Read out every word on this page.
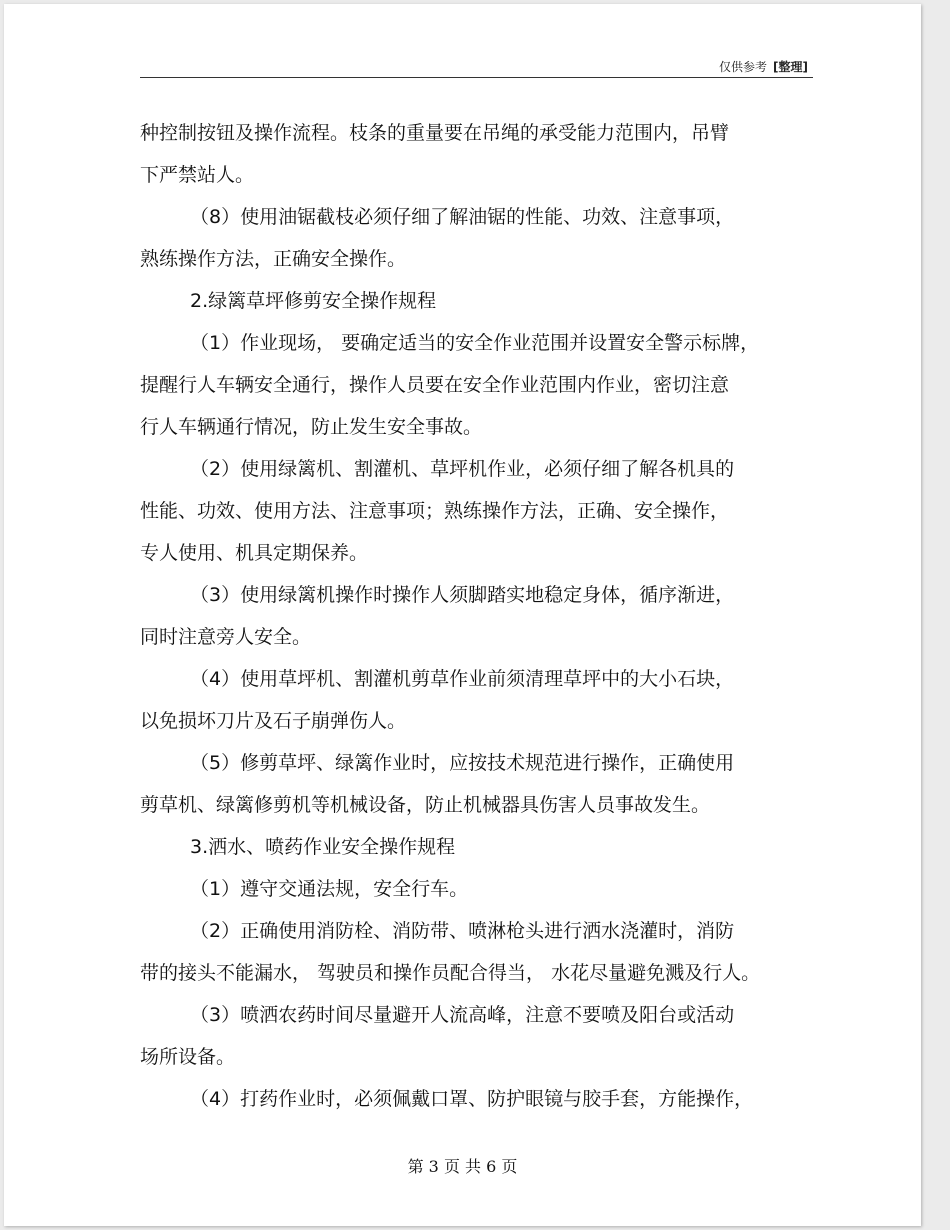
仅供参考 [整理]
种控制按钮及操作流程。枝条的重量要在吊绳的承受能力范围内，吊臂
下严禁站人。
（8）使用油锯截枝必须仔细了解油锯的性能、功效、注意事项，
熟练操作方法，正确安全操作。
2.绿篱草坪修剪安全操作规程
（1）作业现场， 要确定适当的安全作业范围并设置安全警示标牌，
提醒行人车辆安全通行，操作人员要在安全作业范围内作业，密切注意
行人车辆通行情况，防止发生安全事故。
（2）使用绿篱机、割灌机、草坪机作业，必须仔细了解各机具的
性能、功效、使用方法、注意事项；熟练操作方法，正确、安全操作，
专人使用、机具定期保养。
（3）使用绿篱机操作时操作人须脚踏实地稳定身体，循序渐进，
同时注意旁人安全。
（4）使用草坪机、割灌机剪草作业前须清理草坪中的大小石块，
以免损坏刀片及石子崩弹伤人。
（5）修剪草坪、绿篱作业时，应按技术规范进行操作，正确使用
剪草机、绿篱修剪机等机械设备，防止机械器具伤害人员事故发生。
3.洒水、喷药作业安全操作规程
（1）遵守交通法规，安全行车。
（2）正确使用消防栓、消防带、喷淋枪头进行洒水浇灌时，消防
带的接头不能漏水， 驾驶员和操作员配合得当， 水花尽量避免溅及行人。
（3）喷洒农药时间尽量避开人流高峰，注意不要喷及阳台或活动
场所设备。
（4）打药作业时，必须佩戴口罩、防护眼镜与胶手套，方能操作，
第 3 页 共 6 页
